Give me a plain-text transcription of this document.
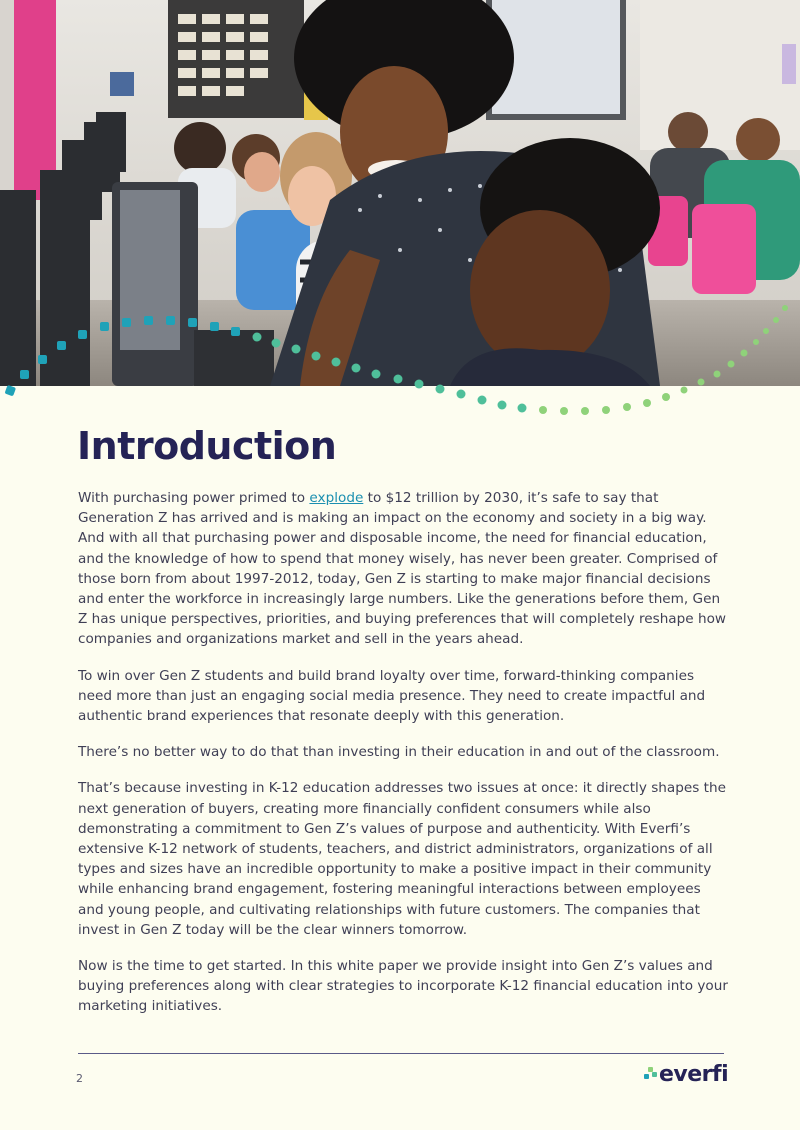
Introduction

With purchasing power primed to explode to $12 trillion by 2030, it’s safe to say that Generation Z has arrived and is making an impact on the economy and society in a big way. And with all that purchasing power and disposable income, the need for financial education, and the knowledge of how to spend that money wisely, has never been greater. Comprised of those born from about 1997-2012, today, Gen Z is starting to make major financial decisions and enter the workforce in increasingly large numbers. Like the generations before them, Gen Z has unique perspectives, priorities, and buying preferences that will completely reshape how companies and organizations market and sell in the years ahead.

To win over Gen Z students and build brand loyalty over time, forward-thinking companies need more than just an engaging social media presence. They need to create impactful and authentic brand experiences that resonate deeply with this generation.

There’s no better way to do that than investing in their education in and out of the classroom.

That’s because investing in K-12 education addresses two issues at once: it directly shapes the next generation of buyers, creating more financially confident consumers while also demonstrating a commitment to Gen Z’s values of purpose and authenticity. With Everfi’s extensive K-12 network of students, teachers, and district administrators, organizations of all types and sizes have an incredible opportunity to make a positive impact in their community while enhancing brand engagement, fostering meaningful interactions between employees and young people, and cultivating relationships with future customers. The companies that invest in Gen Z today will be the clear winners tomorrow.

Now is the time to get started. In this white paper we provide insight into Gen Z’s values and buying preferences along with clear strategies to incorporate K-12 financial education into your marketing initiatives.

2	everfi
